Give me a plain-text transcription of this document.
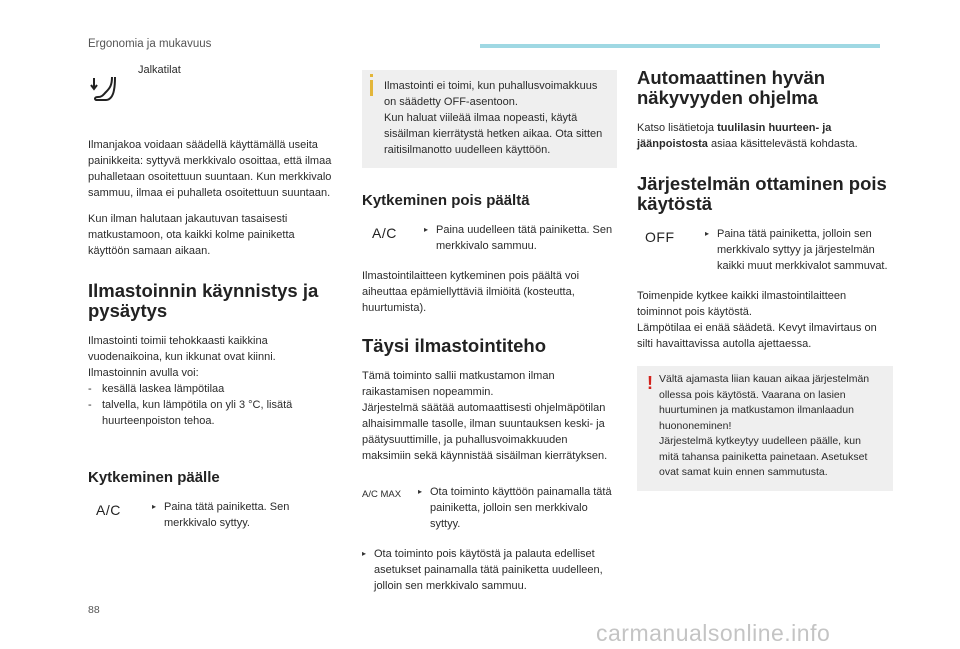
Ergonomia ja mukavuus
Jalkatilat

Ilmanjakoa voidaan säädellä käyttämällä useita painikkeita: syttyvä merkkivalo osoittaa, että ilmaa puhalletaan osoitettuun suuntaan. Kun merkkivalo sammuu, ilmaa ei puhalleta osoitettuun suuntaan.

Kun ilman halutaan jakautuvan tasaisesti matkustamoon, ota kaikki kolme painiketta käyttöön samaan aikaan.

Ilmastoinnin käynnistys ja pysäytys

Ilmastointi toimii tehokkaasti kaikkina vuodenaikoina, kun ikkunat ovat kiinni.

Ilmastoinnin avulla voi:

- kesällä laskea lämpötilaa
- talvella, kun lämpötila on yli 3 °C, lisätä huurteenpoiston tehoa.
Kytkeminen päälle
A/C	▸ Paina tätä painiketta. Sen merkkivalo syttyy.
Ilmastointi ei toimi, kun puhallusvoimakkuus on säädetty OFF-asentoon.
Kun haluat viileää ilmaa nopeasti, käytä sisäilman kierrätystä hetken aikaa. Ota sitten raitisilmanotto uudelleen käyttöön.
Kytkeminen pois päältä
A/C	▸ Paina uudelleen tätä painiketta. Sen merkkivalo sammuu.

Ilmastointilaitteen kytkeminen pois päältä voi aiheuttaa epämiellyttäviä ilmiöitä (kosteutta, huurtumista).

Täysi ilmastointiteho

Tämä toiminto sallii matkustamon ilman raikastamisen nopeammin.
Järjestelmä säätää automaattisesti ohjelmäpötilan alhaisimmalle tasolle, ilman suuntauksen keski- ja päätysuuttimille, ja puhallusvoimakkuuden maksimiin sekä käynnistää sisäilman kierrätyksen.

A/C MAX	▸ Ota toiminto käyttöön painamalla tätä painiketta, jolloin sen merkkivalo syttyy.
▸ Ota toiminto pois käytöstä ja palauta edelliset asetukset painamalla tätä painiketta uudelleen, jolloin sen merkkivalo sammuu.
Automaattinen hyvän näkyvyyden ohjelma

Katso lisätietoja tuulilasin huurteen- ja jäänpoistosta asiaa käsittelevästä kohdasta.

Järjestelmän ottaminen pois käytöstä
OFF	▸ Paina tätä painiketta, jolloin sen merkkivalo syttyy ja järjestelmän kaikki muut merkkivalot sammuvat.

Toimenpide kytkee kaikki ilmastointilaitteen toiminnot pois käytöstä.
Lämpötilaa ei enää säädetä. Kevyt ilmavirtaus on silti havaittavissa autolla ajettaessa.

! Vältä ajamasta liian kauan aikaa järjestelmän ollessa pois käytöstä. Vaarana on lasien huurtuminen ja matkustamon ilmanlaadun huononeminen!
Järjestelmä kytkeytyy uudelleen päälle, kun mitä tahansa painiketta painetaan. Asetukset ovat samat kuin ennen sammutusta.
88
carmanualsonline.info
